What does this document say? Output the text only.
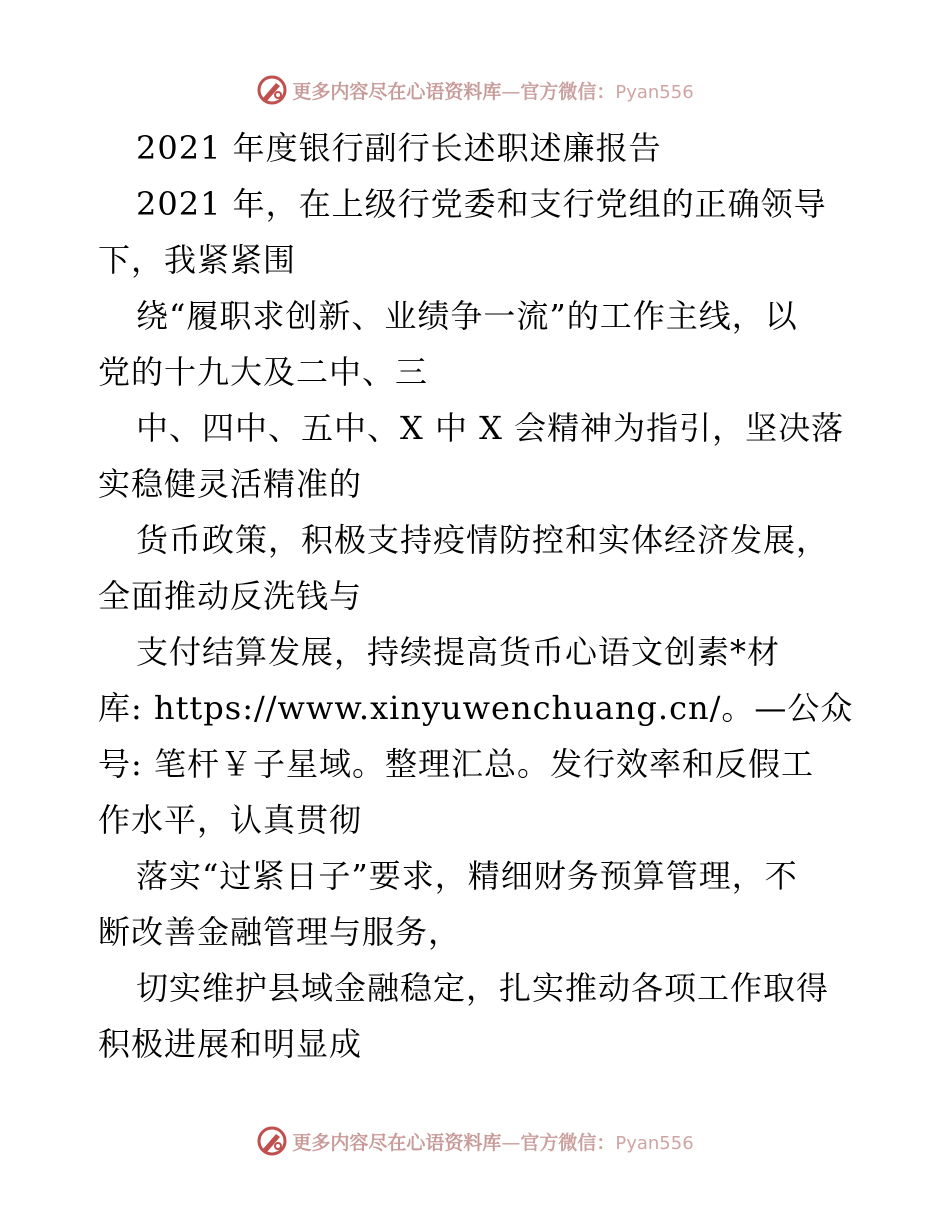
更多内容尽在心语资料库—官方微信：Pyan556
2021 年度银行副行长述职述廉报告
2021 年，在上级行党委和支行党组的正确领导
下，我紧紧围
绕“履职求创新、业绩争一流”的工作主线，以
党的十九大及二中、三
中、四中、五中、X 中 X 会精神为指引，坚决落
实稳健灵活精准的
货币政策，积极支持疫情防控和实体经济发展，
全面推动反洗钱与
支付结算发展，持续提高货币心语文创素*材
库: https://www.xinyuwenchuang.cn/。—公众
号: 笔杆￥子星域。整理汇总。发行效率和反假工
作水平，认真贯彻
落实“过紧日子”要求，精细财务预算管理，不
断改善金融管理与服务，
切实维护县域金融稳定，扎实推动各项工作取得
积极进展和明显成
更多内容尽在心语资料库—官方微信：Pyan556
